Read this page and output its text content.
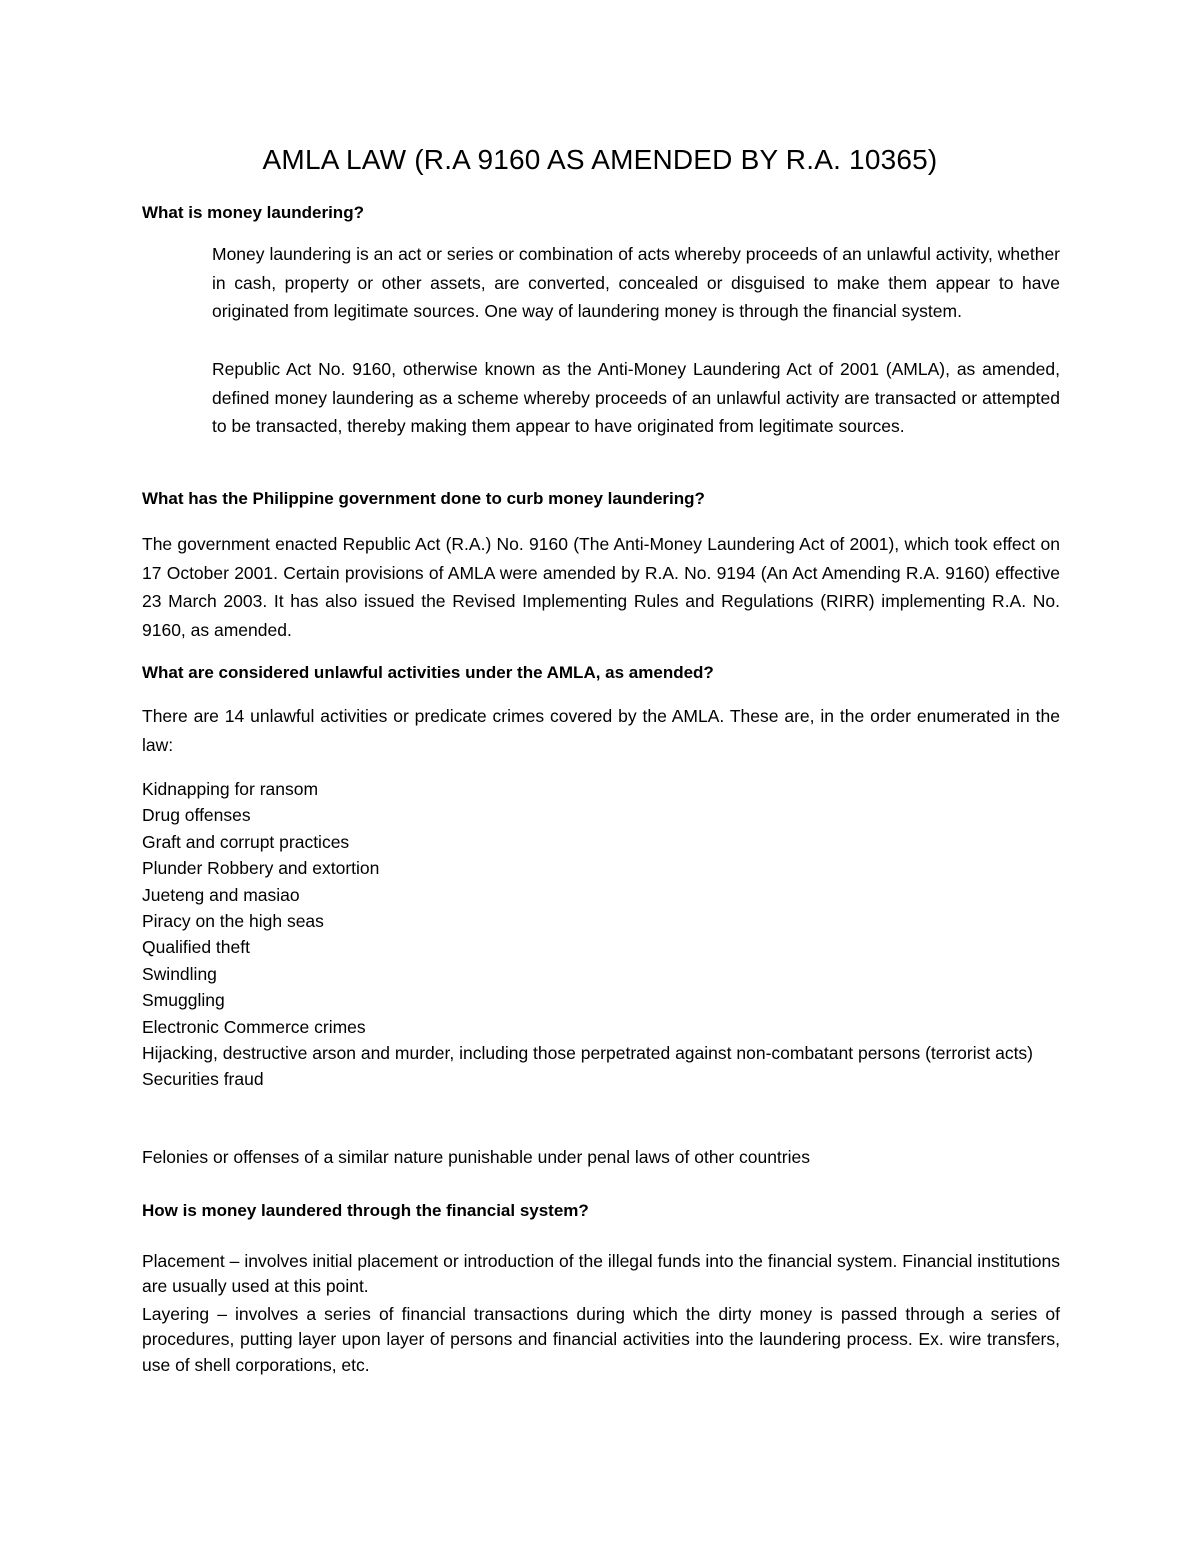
AMLA LAW (R.A 9160 AS AMENDED BY R.A. 10365)

What is money laundering?

Money laundering is an act or series or combination of acts whereby proceeds of an unlawful activity, whether in cash, property or other assets, are converted, concealed or disguised to make them appear to have originated from legitimate sources. One way of laundering money is through the financial system.

Republic Act No. 9160, otherwise known as the Anti-Money Laundering Act of 2001 (AMLA), as amended, defined money laundering as a scheme whereby proceeds of an unlawful activity are transacted or attempted to be transacted, thereby making them appear to have originated from legitimate sources.

What has the Philippine government done to curb money laundering?

The government enacted Republic Act (R.A.) No. 9160 (The Anti-Money Laundering Act of 2001), which took effect on 17 October 2001. Certain provisions of AMLA were amended by R.A. No. 9194 (An Act Amending R.A. 9160) effective 23 March 2003. It has also issued the Revised Implementing Rules and Regulations (RIRR) implementing R.A. No. 9160, as amended.

What are considered unlawful activities under the AMLA, as amended?

There are 14 unlawful activities or predicate crimes covered by the AMLA. These are, in the order enumerated in the law:

Kidnapping for ransom
Drug offenses
Graft and corrupt practices
Plunder Robbery and extortion
Jueteng and masiao
Piracy on the high seas
Qualified theft
Swindling
Smuggling
Electronic Commerce crimes
Hijacking, destructive arson and murder, including those perpetrated against non-combatant persons (terrorist acts)
Securities fraud

Felonies or offenses of a similar nature punishable under penal laws of other countries

How is money laundered through the financial system?

Placement – involves initial placement or introduction of the illegal funds into the financial system. Financial institutions are usually used at this point.

Layering – involves a series of financial transactions during which the dirty money is passed through a series of procedures, putting layer upon layer of persons and financial activities into the laundering process. Ex. wire transfers, use of shell corporations, etc.
